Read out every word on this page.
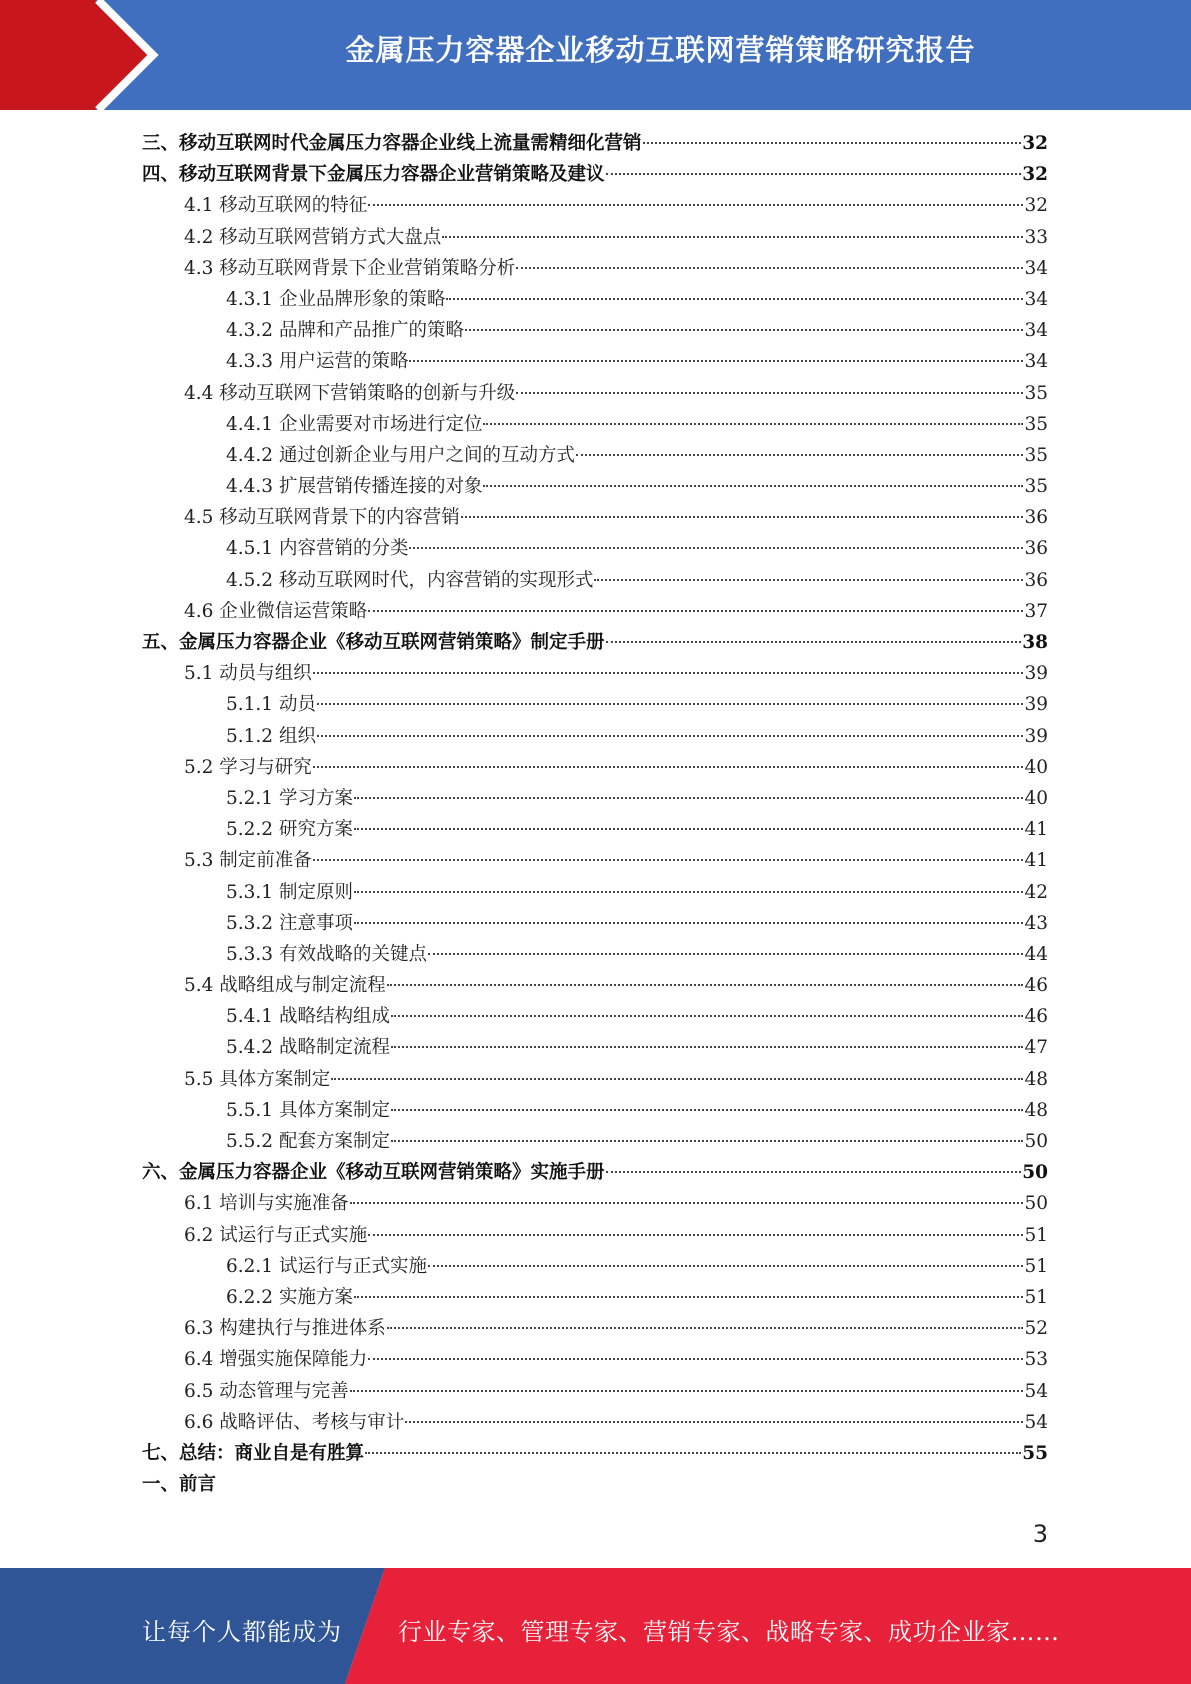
金属压力容器企业移动互联网营销策略研究报告
三、移动互联网时代金属压力容器企业线上流量需精细化营销	32
四、移动互联网背景下金属压力容器企业营销策略及建议	32
4.1 移动互联网的特征	32
4.2 移动互联网营销方式大盘点	33
4.3 移动互联网背景下企业营销策略分析	34
4.3.1 企业品牌形象的策略	34
4.3.2 品牌和产品推广的策略	34
4.3.3 用户运营的策略	34
4.4 移动互联网下营销策略的创新与升级	35
4.4.1 企业需要对市场进行定位	35
4.4.2 通过创新企业与用户之间的互动方式	35
4.4.3 扩展营销传播连接的对象	35
4.5 移动互联网背景下的内容营销	36
4.5.1 内容营销的分类	36
4.5.2 移动互联网时代，内容营销的实现形式	36
4.6 企业微信运营策略	37
五、金属压力容器企业《移动互联网营销策略》制定手册	38
5.1 动员与组织	39
5.1.1 动员	39
5.1.2 组织	39
5.2 学习与研究	40
5.2.1 学习方案	40
5.2.2 研究方案	41
5.3 制定前准备	41
5.3.1 制定原则	42
5.3.2 注意事项	43
5.3.3 有效战略的关键点	44
5.4 战略组成与制定流程	46
5.4.1 战略结构组成	46
5.4.2 战略制定流程	47
5.5 具体方案制定	48
5.5.1 具体方案制定	48
5.5.2 配套方案制定	50
六、金属压力容器企业《移动互联网营销策略》实施手册	50
6.1 培训与实施准备	50
6.2 试运行与正式实施	51
6.2.1 试运行与正式实施	51
6.2.2 实施方案	51
6.3 构建执行与推进体系	52
6.4 增强实施保障能力	53
6.5 动态管理与完善	54
6.6 战略评估、考核与审计	54
七、总结：商业自是有胜算	55
一、前言
3
让每个人都能成为 行业专家、管理专家、营销专家、战略专家、成功企业家……
